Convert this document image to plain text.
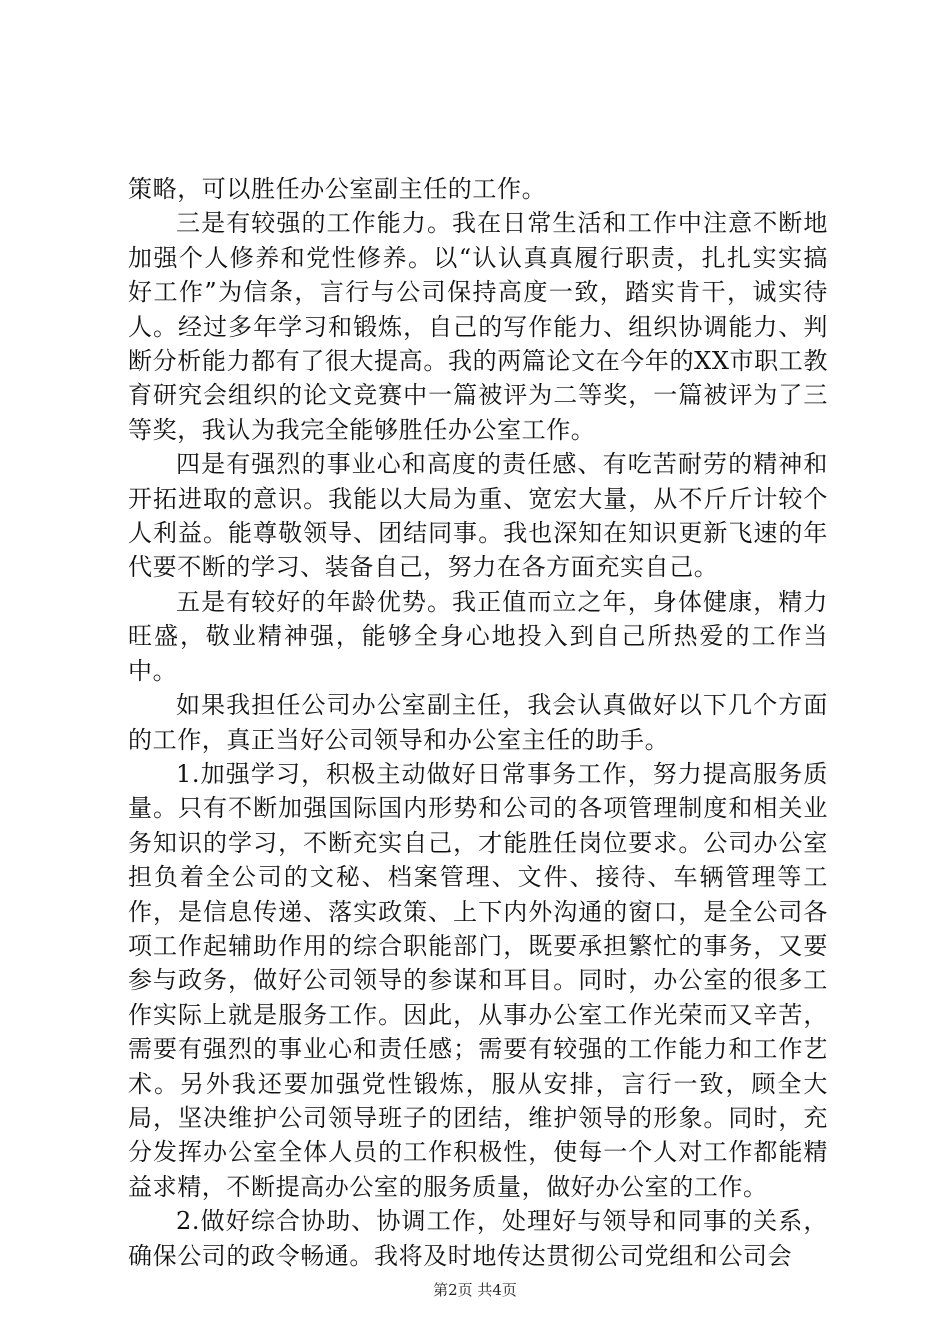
策略，可以胜任办公室副主任的工作。

三是有较强的工作能力。我在日常生活和工作中注意不断地加强个人修养和党性修养。以“认认真真履行职责，扎扎实实搞好工作”为信条，言行与公司保持高度一致，踏实肯干，诚实待人。经过多年学习和锻炼，自己的写作能力、组织协调能力、判断分析能力都有了很大提高。我的两篇论文在今年的XX市职工教育研究会组织的论文竞赛中一篇被评为二等奖，一篇被评为了三等奖，我认为我完全能够胜任办公室工作。

四是有强烈的事业心和高度的责任感、有吃苦耐劳的精神和开拓进取的意识。我能以大局为重、宽宏大量，从不斤斤计较个人利益。能尊敬领导、团结同事。我也深知在知识更新飞速的年代要不断的学习、装备自己，努力在各方面充实自己。

五是有较好的年龄优势。我正值而立之年，身体健康，精力旺盛，敬业精神强，能够全身心地投入到自己所热爱的工作当中。

如果我担任公司办公室副主任，我会认真做好以下几个方面的工作，真正当好公司领导和办公室主任的助手。

1.加强学习，积极主动做好日常事务工作，努力提高服务质量。只有不断加强国际国内形势和公司的各项管理制度和相关业务知识的学习，不断充实自己，才能胜任岗位要求。公司办公室担负着全公司的文秘、档案管理、文件、接待、车辆管理等工作，是信息传递、落实政策、上下内外沟通的窗口，是全公司各项工作起辅助作用的综合职能部门，既要承担繁忙的事务，又要参与政务，做好公司领导的参谋和耳目。同时，办公室的很多工作实际上就是服务工作。因此，从事办公室工作光荣而又辛苦，需要有强烈的事业心和责任感；需要有较强的工作能力和工作艺术。另外我还要加强党性锻炼，服从安排，言行一致，顾全大局，坚决维护公司领导班子的团结，维护领导的形象。同时，充分发挥办公室全体人员的工作积极性，使每一个人对工作都能精益求精，不断提高办公室的服务质量，做好办公室的工作。

2.做好综合协助、协调工作，处理好与领导和同事的关系，确保公司的政令畅通。我将及时地传达贯彻公司党组和公司会

第2页 共4页
